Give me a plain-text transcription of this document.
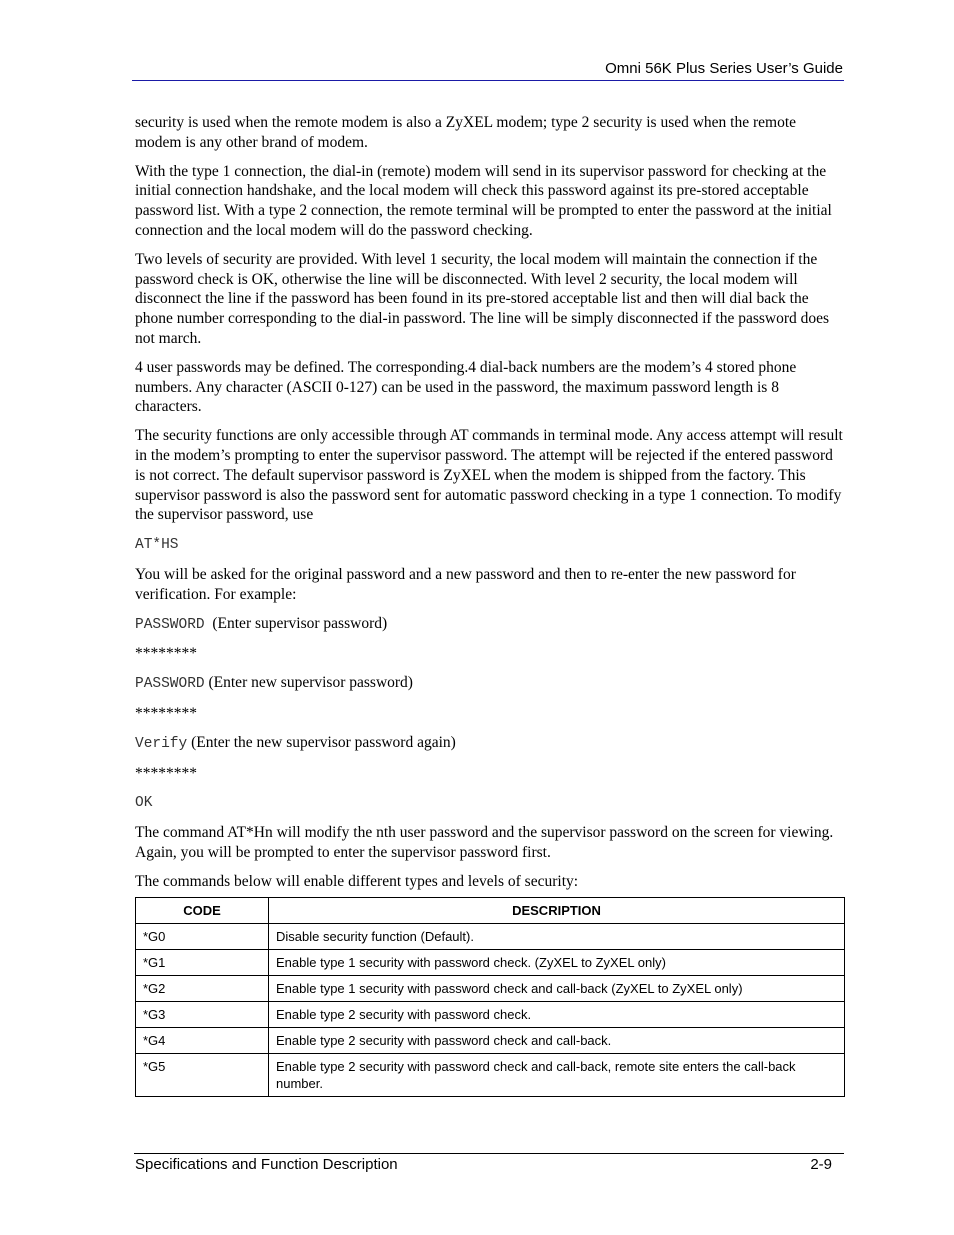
Omni 56K Plus Series User’s Guide

security is used when the remote modem is also a ZyXEL modem; type 2 security is used when the remote modem is any other brand of modem.

With the type 1 connection, the dial-in (remote) modem will send in its supervisor password for checking at the initial connection handshake, and the local modem will check this password against its pre-stored acceptable password list. With a type 2 connection, the remote terminal will be prompted to enter the password at the initial connection and the local modem will do the password checking.

Two levels of security are provided. With level 1 security, the local modem will maintain the connection if the password check is OK, otherwise the line will be disconnected. With level 2 security, the local modem will disconnect the line if the password has been found in its pre-stored acceptable list and then will dial back the phone number corresponding to the dial-in password. The line will be simply disconnected if the password does not march.

4 user passwords may be defined. The corresponding.4 dial-back numbers are the modem’s 4 stored phone numbers. Any character (ASCII 0-127) can be used in the password, the maximum password length is 8 characters.

The security functions are only accessible through AT commands in terminal mode. Any access attempt will result in the modem’s prompting to enter the supervisor password. The attempt will be rejected if the entered password is not correct. The default supervisor password is ZyXEL when the modem is shipped from the factory. This supervisor password is also the password sent for automatic password checking in a type 1 connection. To modify the supervisor password, use

AT*HS

You will be asked for the original password and a new password and then to re-enter the new password for verification. For example:

PASSWORD (Enter supervisor password)

********

PASSWORD (Enter new supervisor password)

********

Verify (Enter the new supervisor password again)

********

OK

The command AT*Hn will modify the nth user password and the supervisor password on the screen for viewing. Again, you will be prompted to enter the supervisor password first.

The commands below will enable different types and levels of security:

CODE	DESCRIPTION
*G0	Disable security function (Default).
*G1	Enable type 1 security with password check. (ZyXEL to ZyXEL only)
*G2	Enable type 1 security with password check and call-back (ZyXEL to ZyXEL only)
*G3	Enable type 2 security with password check.
*G4	Enable type 2 security with password check and call-back.
*G5	Enable type 2 security with password check and call-back, remote site enters the call-back number.
Specifications and Function Description	2-9
